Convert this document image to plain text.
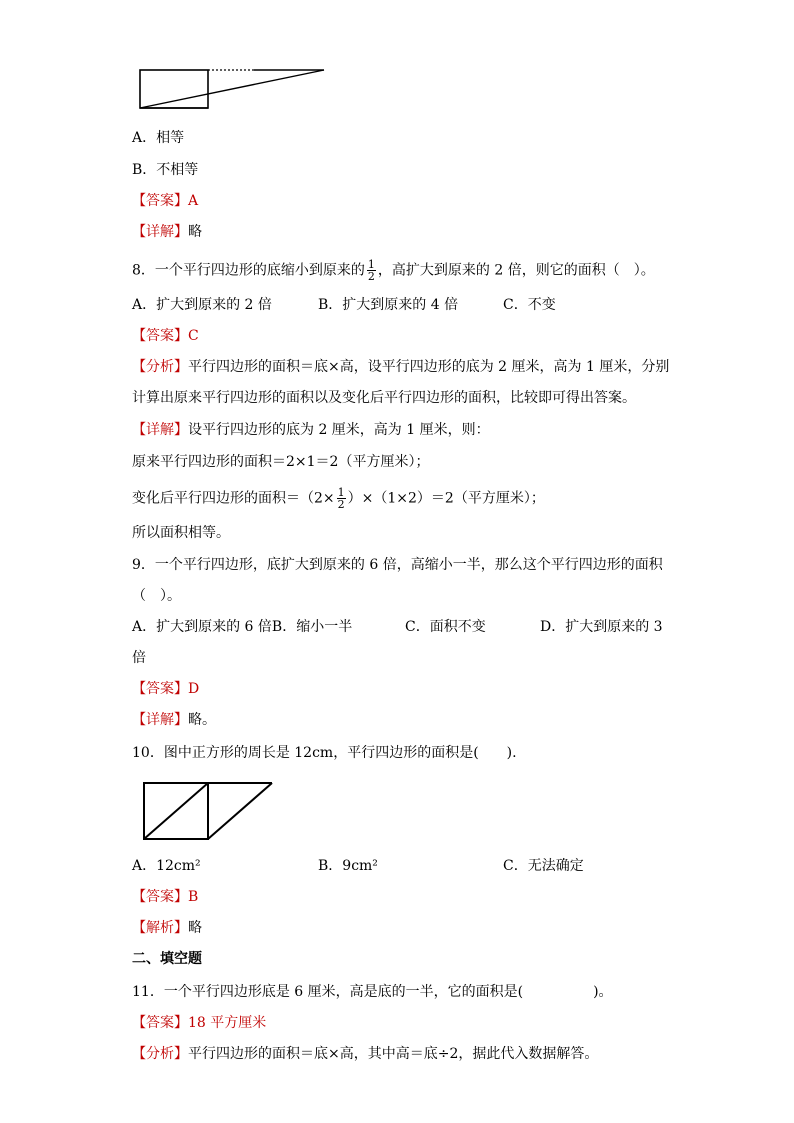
A．相等
B．不相等
【答案】A
【详解】略
8．一个平行四边形的底缩小到原来的 $\frac{1}{2}$ ，高扩大到原来的 2 倍，则它的面积（　）。
A．扩大到原来的 2 倍	B．扩大到原来的 4 倍	C．不变
【答案】C
【分析】平行四边形的面积＝底×高，设平行四边形的底为 2 厘米，高为 1 厘米，分别
计算出原来平行四边形的面积以及变化后平行四边形的面积，比较即可得出答案。
【详解】设平行四边形的底为 2 厘米，高为 1 厘米，则：
原来平行四边形的面积＝2×1＝2（平方厘米）；
变化后平行四边形的面积$=(2\times \frac{1}{2} )\times(1\times 2)=2$（平方厘米）；
所以面积相等。
9．一个平行四边形，底扩大到原来的 6 倍，高缩小一半，那么这个平行四边形的面积
（　）。
A．扩大到原来的 6 倍B．缩小一半	C．面积不变	D．扩大到原来的 3
倍
【答案】D
【详解】略。
10．图中正方形的周长是 12cm，平行四边形的面积是(　　).
A．12cm²	B．9cm²	C．无法确定
【答案】B
【解析】略
二、填空题
11．一个平行四边形底是 6 厘米，高是底的一半，它的面积是(　　　　　)。
【答案】18 平方厘米
【分析】平行四边形的面积＝底×高，其中高＝底÷2，据此代入数据解答。
